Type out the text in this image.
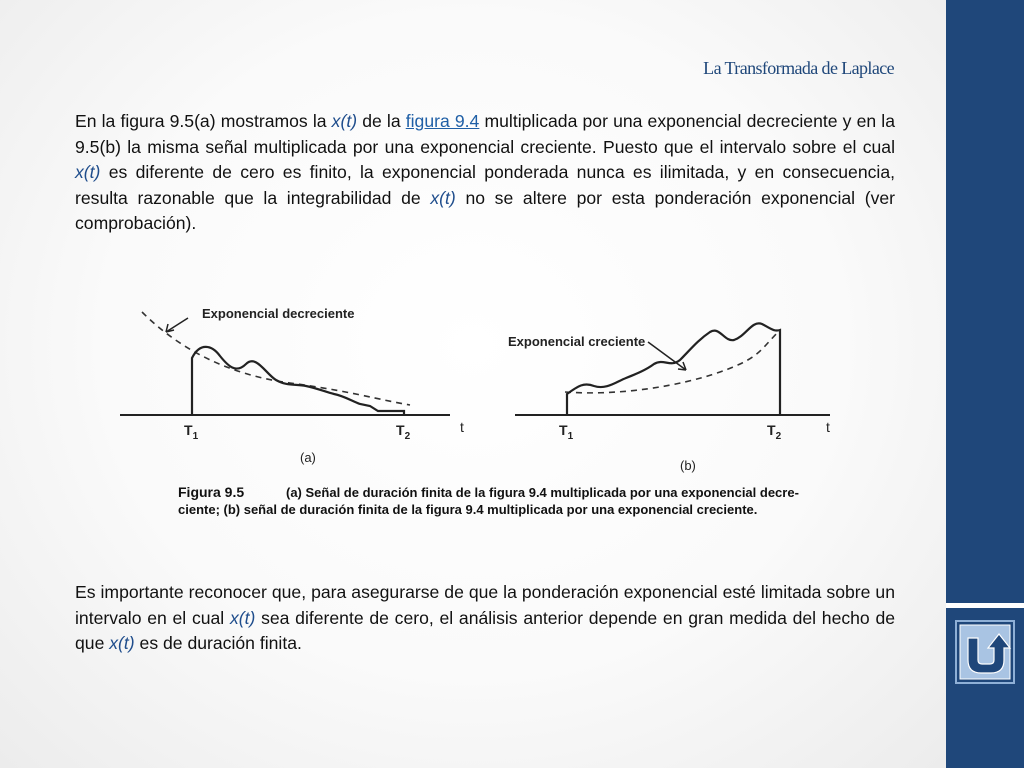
La Transformada de Laplace

En la figura 9.5(a) mostramos la x(t) de la figura 9.4 multiplicada por una exponencial decreciente y en la 9.5(b) la misma señal multiplicada por una exponencial creciente. Puesto que el intervalo sobre el cual x(t) es diferente de cero es finito, la exponencial ponderada nunca es ilimitada, y en consecuencia, resulta razonable que la integrabilidad de x(t) no se altere por esta ponderación exponencial (ver comprobación).

Exponencial decreciente
$T_1$	$T_2$
t
(a)
Exponencial creciente
$T_1$	$T_2$
t
(b)
Figura 9.5	(a) Señal de duración finita de la figura 9.4 multiplicada por una exponencial decre-
ciente; (b) señal de duración finita de la figura 9.4 multiplicada por una exponencial creciente.

Es importante reconocer que, para asegurarse de que la ponderación exponencial esté limitada sobre un intervalo en el cual x(t) sea diferente de cero, el análisis anterior depende en gran medida del hecho de que x(t) es de duración finita.
